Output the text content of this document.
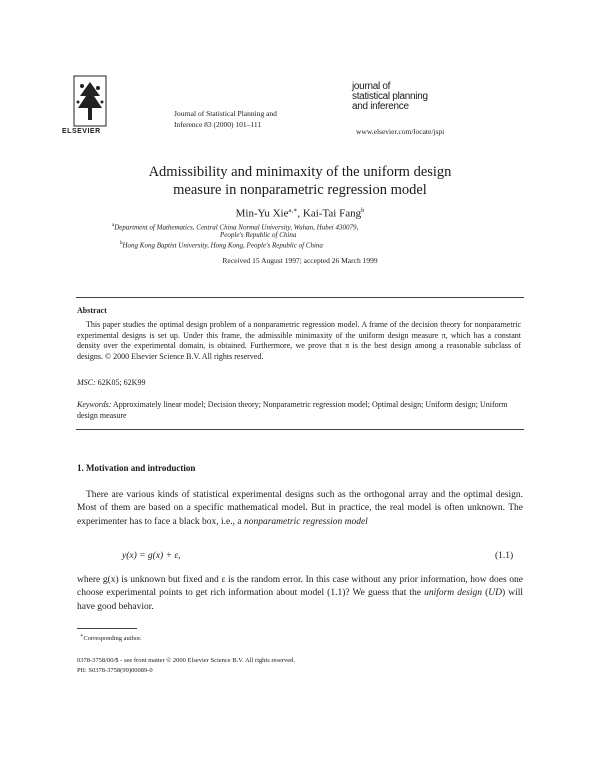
ELSEVIER
Journal of Statistical Planning and
Inference 83 (2000) 101–111
journal of
statistical planning
and inference
www.elsevier.com/locate/jspi
Admissibility and minimaxity of the uniform design
measure in nonparametric regression model
Min-Yu Xie$^{a,∗}$, Kai-Tai Fang$^b$
$^a$Department of Mathematics, Central China Normal University, Wuhan, Hubei 430079,
People's Republic of China
$^b$Hong Kong Baptist University, Hong Kong, People's Republic of China
Received 15 August 1997; accepted 26 March 1999
Abstract
This paper studies the optimal design problem of a nonparametric regression model. A frame of the decision theory for nonparametric experimental designs is set up. Under this frame, the admissible minimaxity of the uniform design measure π, which has a constant density over the experimental domain, is obtained. Furthermore, we prove that π is the best design among a reasonable subclass of designs. © 2000 Elsevier Science B.V. All rights reserved.
MSC: 62K05; 62K99
Keywords: Approximately linear model; Decision theory; Nonparametric regression model; Optimal design; Uniform design; Uniform design measure
1. Motivation and introduction
There are various kinds of statistical experimental designs such as the orthogonal array and the optimal design. Most of them are based on a specific mathematical model. But in practice, the real model is often unknown. The experimenter has to face a black box, i.e., a nonparametric regression model
y(x) = g(x) + ε,	(1.1)
where g(x) is unknown but fixed and ε is the random error. In this case without any prior information, how does one choose experimental points to get rich information about model (1.1)? We guess that the uniform design (UD) will have good behavior.
∗Corresponding author.
0378-3758/00/$ - see front matter © 2000 Elsevier Science B.V. All rights reserved.
PII: S0378-3758(99)00089-0
